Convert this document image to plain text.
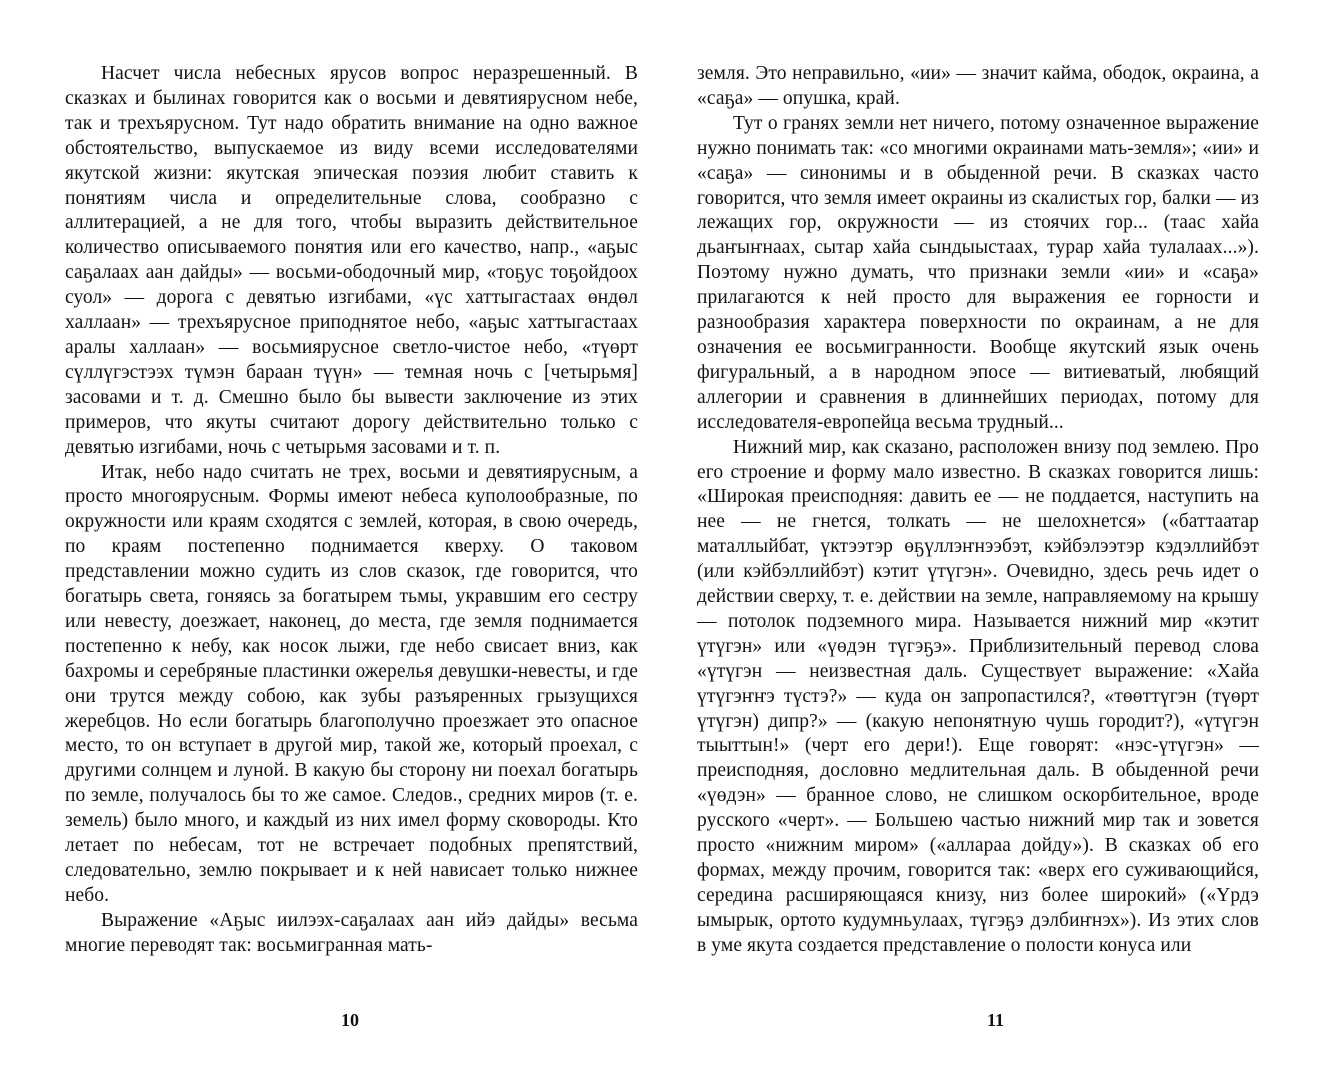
Насчет числа небесных ярусов вопрос неразрешенный. В сказках и былинах говорится как о восьми и девятиярусном небе, так и трехъярусном. Тут надо обратить внимание на одно важное обстоятельство, выпускаемое из виду всеми исследователями якутской жизни: якутская эпическая поэзия любит ставить к понятиям числа и определительные слова, сообразно с аллитерацией, а не для того, чтобы выразить действительное количество описываемого понятия или его качество, напр., «аҕыс саҕалаах аан дайды» — восьми-ободочный мир, «тоҕус тоҕойдоох суол» — дорога с девятью изгибами, «үс хаттыгастаах өндөл халлаан» — трехъярусное приподнятое небо, «аҕыс хаттыгастаах аралы халлаан» — восьмиярусное светло-чистое небо, «түөрт сүллүгэстээх түмэн бараан түүн» — темная ночь с [четырьмя] засовами и т. д. Смешно было бы вывести заключение из этих примеров, что якуты считают дорогу действительно только с девятью изгибами, ночь с четырьмя засовами и т. п.

Итак, небо надо считать не трех, восьми и девятиярусным, а просто многоярусным. Формы имеют небеса куполообразные, по окружности или краям сходятся с землей, которая, в свою очередь, по краям постепенно поднимается кверху. О таковом представлении можно судить из слов сказок, где говорится, что богатырь света, гоняясь за богатырем тьмы, укравшим его сестру или невесту, доезжает, наконец, до места, где земля поднимается постепенно к небу, как носок лыжи, где небо свисает вниз, как бахромы и серебряные пластинки ожерелья девушки-невесты, и где они трутся между собою, как зубы разъяренных грызущихся жеребцов. Но если богатырь благополучно проезжает это опасное место, то он вступает в другой мир, такой же, который проехал, с другими солнцем и луной. В какую бы сторону ни поехал богатырь по земле, получалось бы то же самое. Следов., средних миров (т. е. земель) было много, и каждый из них имел форму сковороды. Кто летает по небесам, тот не встречает подобных препятствий, следовательно, землю покрывает и к ней нависает только нижнее небо.

Выражение «Аҕыс иилээх-саҕалаах аан ийэ дайды» весьма многие переводят так: восьмигранная мать-

10

земля. Это неправильно, «ии» — значит кайма, ободок, окраина, а «саҕа» — опушка, край.

Тут о гранях земли нет ничего, потому означенное выражение нужно понимать так: «со многими окраинами мать-земля»; «ии» и «саҕа» — синонимы и в обыденной речи. В сказках часто говорится, что земля имеет окраины из скалистых гор, балки — из лежащих гор, окружности — из стоячих гор... (таас хайа дьаҥыҥнаах, сытар хайа сындыыстаах, турар хайа тулалаах...»). Поэтому нужно думать, что признаки земли «ии» и «саҕа» прилагаются к ней просто для выражения ее горности и разнообразия характера поверхности по окраинам, а не для означения ее восьмигранности. Вообще якутский язык очень фигуральный, а в народном эпосе — витиеватый, любящий аллегории и сравнения в длиннейших периодах, потому для исследователя-европейца весьма трудный...

Нижний мир, как сказано, расположен внизу под землею. Про его строение и форму мало известно. В сказках говорится лишь: «Широкая преисподняя: давить ее — не поддается, наступить на нее — не гнется, толкать — не шелохнется» («баттаатар маталлыйбат, үктээтэр өҕүллэҥнээбэт, кэйбэлээтэр кэдэллийбэт (или кэйбэллийбэт) кэтит үтүгэн». Очевидно, здесь речь идет о действии сверху, т. е. действии на земле, направляемому на крышу — потолок подземного мира. Называется нижний мир «кэтит үтүгэн» или «үөдэн түгэҕэ». Приблизительный перевод слова «үтүгэн — неизвестная даль. Существует выражение: «Хайа үтүгэҥҥэ түстэ?» — куда он запропастился?, «төөттүгэн (түөрт үтүгэн) дипр?» — (какую непонятную чушь городит?), «үтүгэн тыыттын!» (черт его дери!). Еще говорят: «нэс-үтүгэн» — преисподняя, дословно медлительная даль. В обыденной речи «үөдэн» — бранное слово, не слишком оскорбительное, вроде русского «черт». — Большею частью нижний мир так и зовется просто «нижним миром» («аллараа дойду»). В сказках об его формах, между прочим, говорится так: «верх его суживающийся, середина расширяющаяся книзу, низ более широкий» («Үрдэ ымырык, ортото кудумньулаах, түгэҕэ дэлбиҥнэх»). Из этих слов в уме якута создается представление о полости конуса или

11
